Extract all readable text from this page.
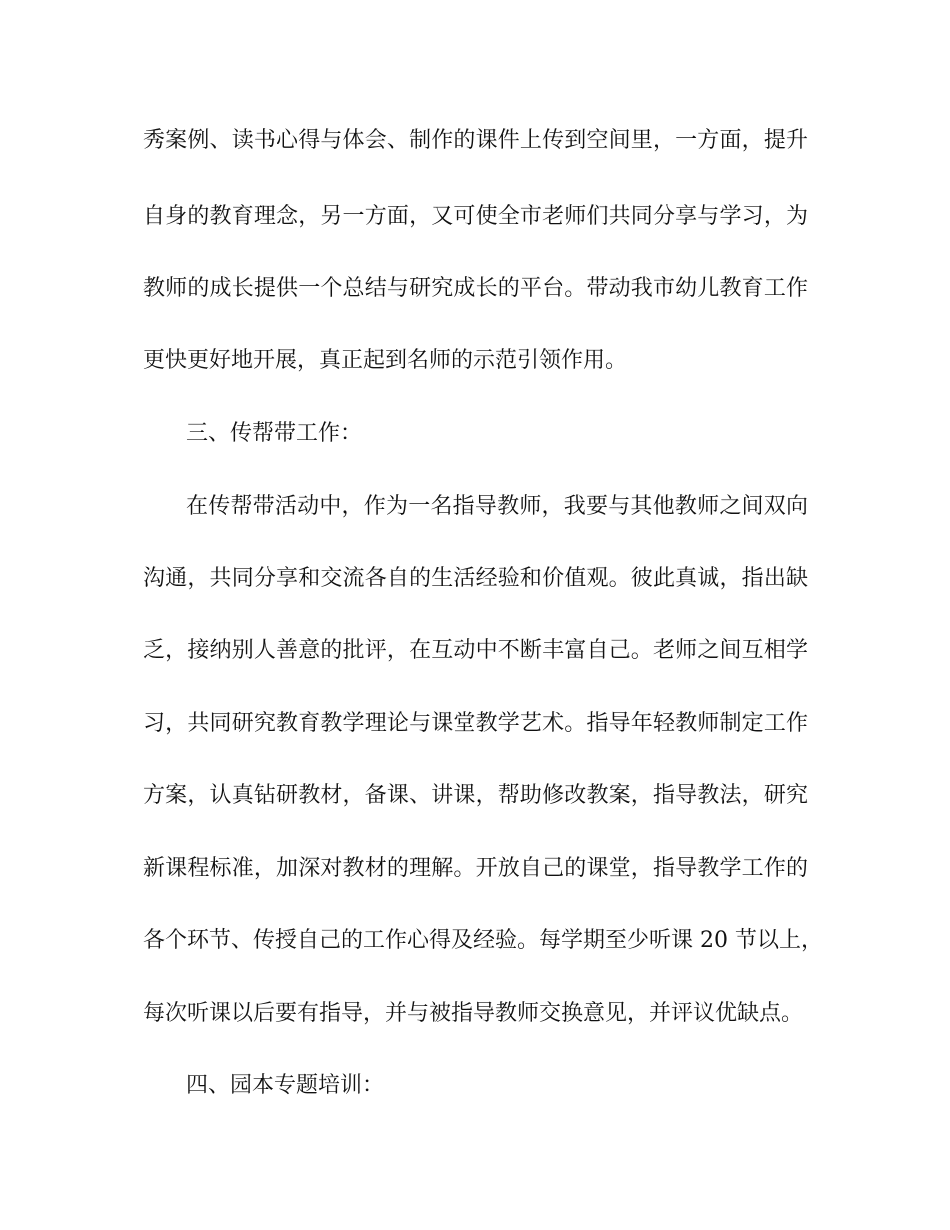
秀案例、读书心得与体会、制作的课件上传到空间里，一方面，提升
自身的教育理念，另一方面，又可使全市老师们共同分享与学习，为
教师的成长提供一个总结与研究成长的平台。带动我市幼儿教育工作
更快更好地开展，真正起到名师的示范引领作用。
三、传帮带工作：
在传帮带活动中，作为一名指导教师，我要与其他教师之间双向
沟通，共同分享和交流各自的生活经验和价值观。彼此真诚，指出缺
乏，接纳别人善意的批评，在互动中不断丰富自己。老师之间互相学
习，共同研究教育教学理论与课堂教学艺术。指导年轻教师制定工作
方案，认真钻研教材，备课、讲课，帮助修改教案，指导教法，研究
新课程标准，加深对教材的理解。开放自己的课堂，指导教学工作的
各个环节、传授自己的工作心得及经验。每学期至少听课 20 节以上，
每次听课以后要有指导，并与被指导教师交换意见，并评议优缺点。
四、园本专题培训：
